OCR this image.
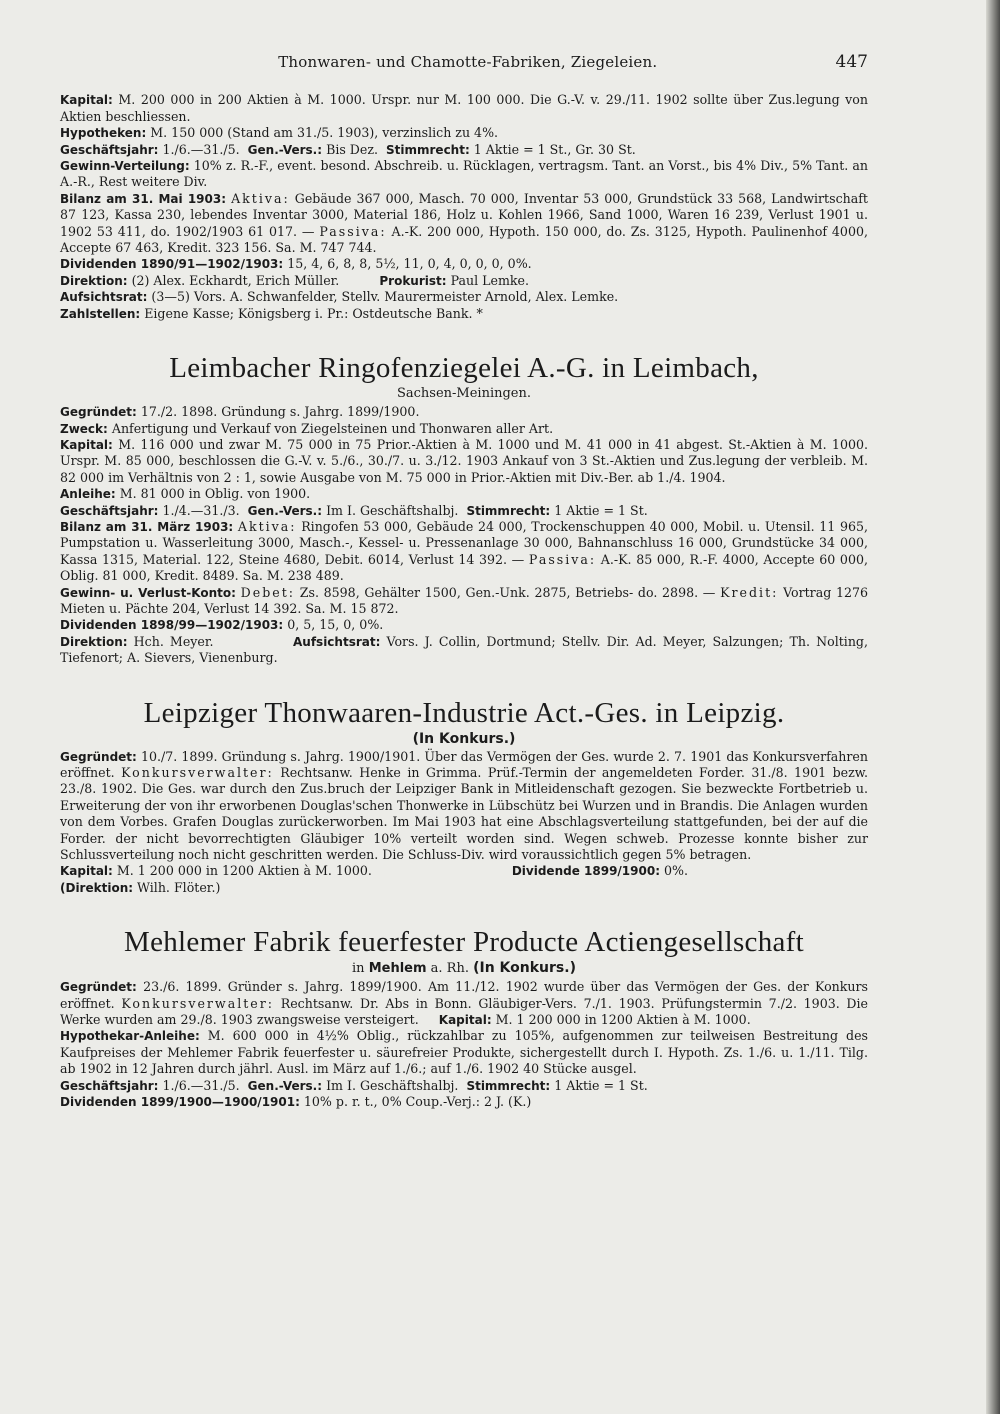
Thonwaren- und Chamotte-Fabriken, Ziegeleien.	447

Kapital: M. 200 000 in 200 Aktien à M. 1000. Urspr. nur M. 100 000. Die G.-V. v. 29./11. 1902 sollte über Zus.legung von Aktien beschliessen.

Hypotheken: M. 150 000 (Stand am 31./5. 1903), verzinslich zu 4%.

Geschäftsjahr: 1./6.—31./5. Gen.-Vers.: Bis Dez. Stimmrecht: 1 Aktie = 1 St., Gr. 30 St.

Gewinn-Verteilung: 10% z. R.-F., event. besond. Abschreib. u. Rücklagen, vertragsm. Tant. an Vorst., bis 4% Div., 5% Tant. an A.-R., Rest weitere Div.

Bilanz am 31. Mai 1903: Aktiva: Gebäude 367 000, Masch. 70 000, Inventar 53 000, Grundstück 33 568, Landwirtschaft 87 123, Kassa 230, lebendes Inventar 3000, Material 186, Holz u. Kohlen 1966, Sand 1000, Waren 16 239, Verlust 1901 u. 1902 53 411, do. 1902/1903 61 017. — Passiva: A.-K. 200 000, Hypoth. 150 000, do. Zs. 3125, Hypoth. Paulinenhof 4000, Accepte 67 463, Kredit. 323 156. Sa. M. 747 744.

Dividenden 1890/91—1902/1903: 15, 4, 6, 8, 8, 5½, 11, 0, 4, 0, 0, 0, 0%.

Direktion: (2) Alex. Eckhardt, Erich Müller.	Prokurist: Paul Lemke.

Aufsichtsrat: (3—5) Vors. A. Schwanfelder, Stellv. Maurermeister Arnold, Alex. Lemke.

Zahlstellen: Eigene Kasse; Königsberg i. Pr.: Ostdeutsche Bank. *

Leimbacher Ringofenziegelei A.-G. in Leimbach,
Sachsen-Meiningen.

Gegründet: 17./2. 1898. Gründung s. Jahrg. 1899/1900.

Zweck: Anfertigung und Verkauf von Ziegelsteinen und Thonwaren aller Art.

Kapital: M. 116 000 und zwar M. 75 000 in 75 Prior.-Aktien à M. 1000 und M. 41 000 in 41 abgest. St.-Aktien à M. 1000. Urspr. M. 85 000, beschlossen die G.-V. v. 5./6., 30./7. u. 3./12. 1903 Ankauf von 3 St.-Aktien und Zus.legung der verbleib. M. 82 000 im Verhältnis von 2 : 1, sowie Ausgabe von M. 75 000 in Prior.-Aktien mit Div.-Ber. ab 1./4. 1904.

Anleihe: M. 81 000 in Oblig. von 1900.

Geschäftsjahr: 1./4.—31./3. Gen.-Vers.: Im I. Geschäftshalbj. Stimmrecht: 1 Aktie = 1 St.

Bilanz am 31. März 1903: Aktiva: Ringofen 53 000, Gebäude 24 000, Trockenschuppen 40 000, Mobil. u. Utensil. 11 965, Pumpstation u. Wasserleitung 3000, Masch.-, Kessel- u. Pressenanlage 30 000, Bahnanschluss 16 000, Grundstücke 34 000, Kassa 1315, Material. 122, Steine 4680, Debit. 6014, Verlust 14 392. — Passiva: A.-K. 85 000, R.-F. 4000, Accepte 60 000, Oblig. 81 000, Kredit. 8489. Sa. M. 238 489.

Gewinn- u. Verlust-Konto: Debet: Zs. 8598, Gehälter 1500, Gen.-Unk. 2875, Betriebs- do. 2898. — Kredit: Vortrag 1276 Mieten u. Pächte 204, Verlust 14 392. Sa. M. 15 872.

Dividenden 1898/99—1902/1903: 0, 5, 15, 0, 0%.

Direktion: Hch. Meyer.	Aufsichtsrat: Vors. J. Collin, Dortmund; Stellv. Dir. Ad. Meyer, Salzungen; Th. Nolting, Tiefenort; A. Sievers, Vienenburg.

Leipziger Thonwaaren-Industrie Act.-Ges. in Leipzig.
(In Konkurs.)

Gegründet: 10./7. 1899. Gründung s. Jahrg. 1900/1901. Über das Vermögen der Ges. wurde 2. 7. 1901 das Konkursverfahren eröffnet. Konkursverwalter: Rechtsanw. Henke in Grimma. Prüf.-Termin der angemeldeten Forder. 31./8. 1901 bezw. 23./8. 1902. Die Ges. war durch den Zus.bruch der Leipziger Bank in Mitleidenschaft gezogen. Sie bezweckte Fortbetrieb u. Erweiterung der von ihr erworbenen Douglas'schen Thonwerke in Lübschütz bei Wurzen und in Brandis. Die Anlagen wurden von dem Vorbes. Grafen Douglas zurückerworben. Im Mai 1903 hat eine Abschlagsverteilung stattgefunden, bei der auf die Forder. der nicht bevorrechtigten Gläubiger 10% verteilt worden sind. Wegen schweb. Prozesse konnte bisher zur Schlussverteilung noch nicht geschritten werden. Die Schluss-Div. wird voraussichtlich gegen 5% betragen.

Kapital: M. 1 200 000 in 1200 Aktien à M. 1000.	Dividende 1899/1900: 0%.

(Direktion: Wilh. Flöter.)

Mehlemer Fabrik feuerfester Producte Actiengesellschaft
in Mehlem a. Rh. (In Konkurs.)

Gegründet: 23./6. 1899. Gründer s. Jahrg. 1899/1900. Am 11./12. 1902 wurde über das Vermögen der Ges. der Konkurs eröffnet. Konkursverwalter: Rechtsanw. Dr. Abs in Bonn. Gläubiger-Vers. 7./1. 1903. Prüfungstermin 7./2. 1903. Die Werke wurden am 29./8. 1903 zwangsweise versteigert. Kapital: M. 1 200 000 in 1200 Aktien à M. 1000.

Hypothekar-Anleihe: M. 600 000 in 4½% Oblig., rückzahlbar zu 105%, aufgenommen zur teilweisen Bestreitung des Kaufpreises der Mehlemer Fabrik feuerfester u. säurefreier Produkte, sichergestellt durch I. Hypoth. Zs. 1./6. u. 1./11. Tilg. ab 1902 in 12 Jahren durch jährl. Ausl. im März auf 1./6.; auf 1./6. 1902 40 Stücke ausgel.

Geschäftsjahr: 1./6.—31./5. Gen.-Vers.: Im I. Geschäftshalbj. Stimmrecht: 1 Aktie = 1 St.

Dividenden 1899/1900—1900/1901: 10% p. r. t., 0% Coup.-Verj.: 2 J. (K.)
